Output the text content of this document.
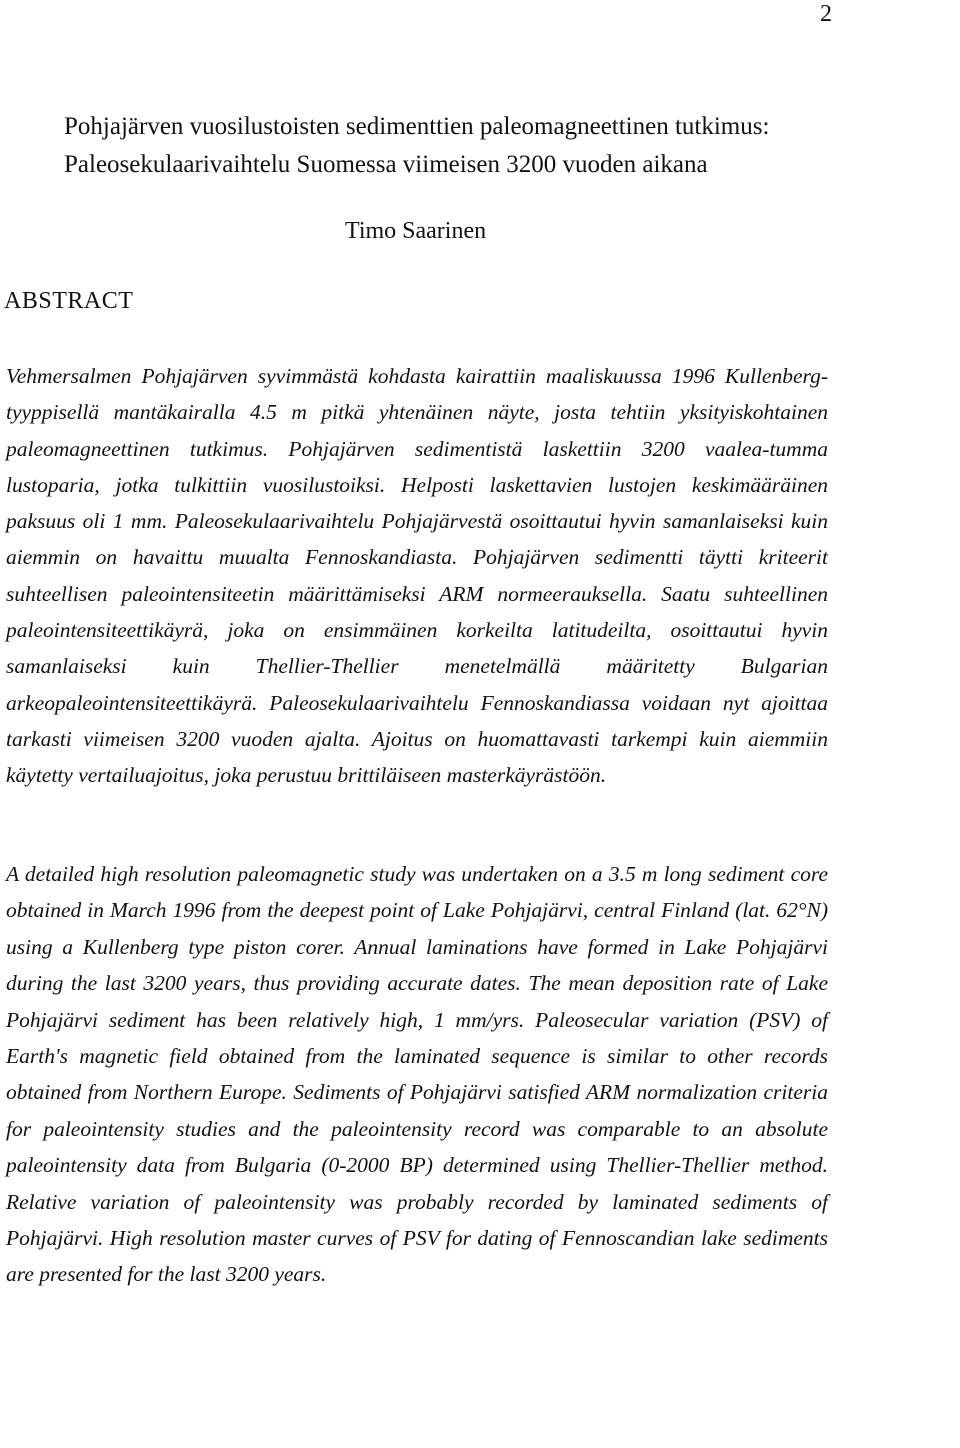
2
Pohjajärven vuosilustoisten sedimenttien paleomagneettinen tutkimus:
Paleosekulaarivaihtelu Suomessa viimeisen 3200 vuoden aikana
Timo Saarinen
ABSTRACT

Vehmersalmen Pohjajärven syvimmästä kohdasta kairattiin maaliskuussa 1996 Kullenberg-tyyppisellä mantäkairalla 4.5 m pitkä yhtenäinen näyte, josta tehtiin yksityiskohtainen paleomagneettinen tutkimus. Pohjajärven sedimentistä laskettiin 3200 vaalea-tumma lustoparia, jotka tulkittiin vuosilustoiksi. Helposti laskettavien lustojen keskimääräinen paksuus oli 1 mm. Paleosekulaarivaihtelu Pohjajärvestä osoittautui hyvin samanlaiseksi kuin aiemmin on havaittu muualta Fennoskandiasta. Pohjajärven sedimentti täytti kriteerit suhteellisen paleointensiteetin määrittämiseksi ARM normeerauksella. Saatu suhteellinen paleointensiteettikäyrä, joka on ensimmäinen korkeilta latitudeilta, osoittautui hyvin samanlaiseksi kuin Thellier-Thellier menetelmällä määritetty Bulgarian arkeopaleointensiteettikäyrä. Paleosekulaarivaihtelu Fennoskandiassa voidaan nyt ajoittaa tarkasti viimeisen 3200 vuoden ajalta. Ajoitus on huomattavasti tarkempi kuin aiemmiin käytetty vertailuajoitus, joka perustuu brittiläiseen masterkäyrästöön.

A detailed high resolution paleomagnetic study was undertaken on a 3.5 m long sediment core obtained in March 1996 from the deepest point of Lake Pohjajärvi, central Finland (lat. 62°N) using a Kullenberg type piston corer. Annual laminations have formed in Lake Pohjajärvi during the last 3200 years, thus providing accurate dates. The mean deposition rate of Lake Pohjajärvi sediment has been relatively high, 1 mm/yrs. Paleosecular variation (PSV) of Earth's magnetic field obtained from the laminated sequence is similar to other records obtained from Northern Europe. Sediments of Pohjajärvi satisfied ARM normalization criteria for paleointensity studies and the paleointensity record was comparable to an absolute paleointensity data from Bulgaria (0-2000 BP) determined using Thellier-Thellier method. Relative variation of paleointensity was probably recorded by laminated sediments of Pohjajärvi. High resolution master curves of PSV for dating of Fennoscandian lake sediments are presented for the last 3200 years.
